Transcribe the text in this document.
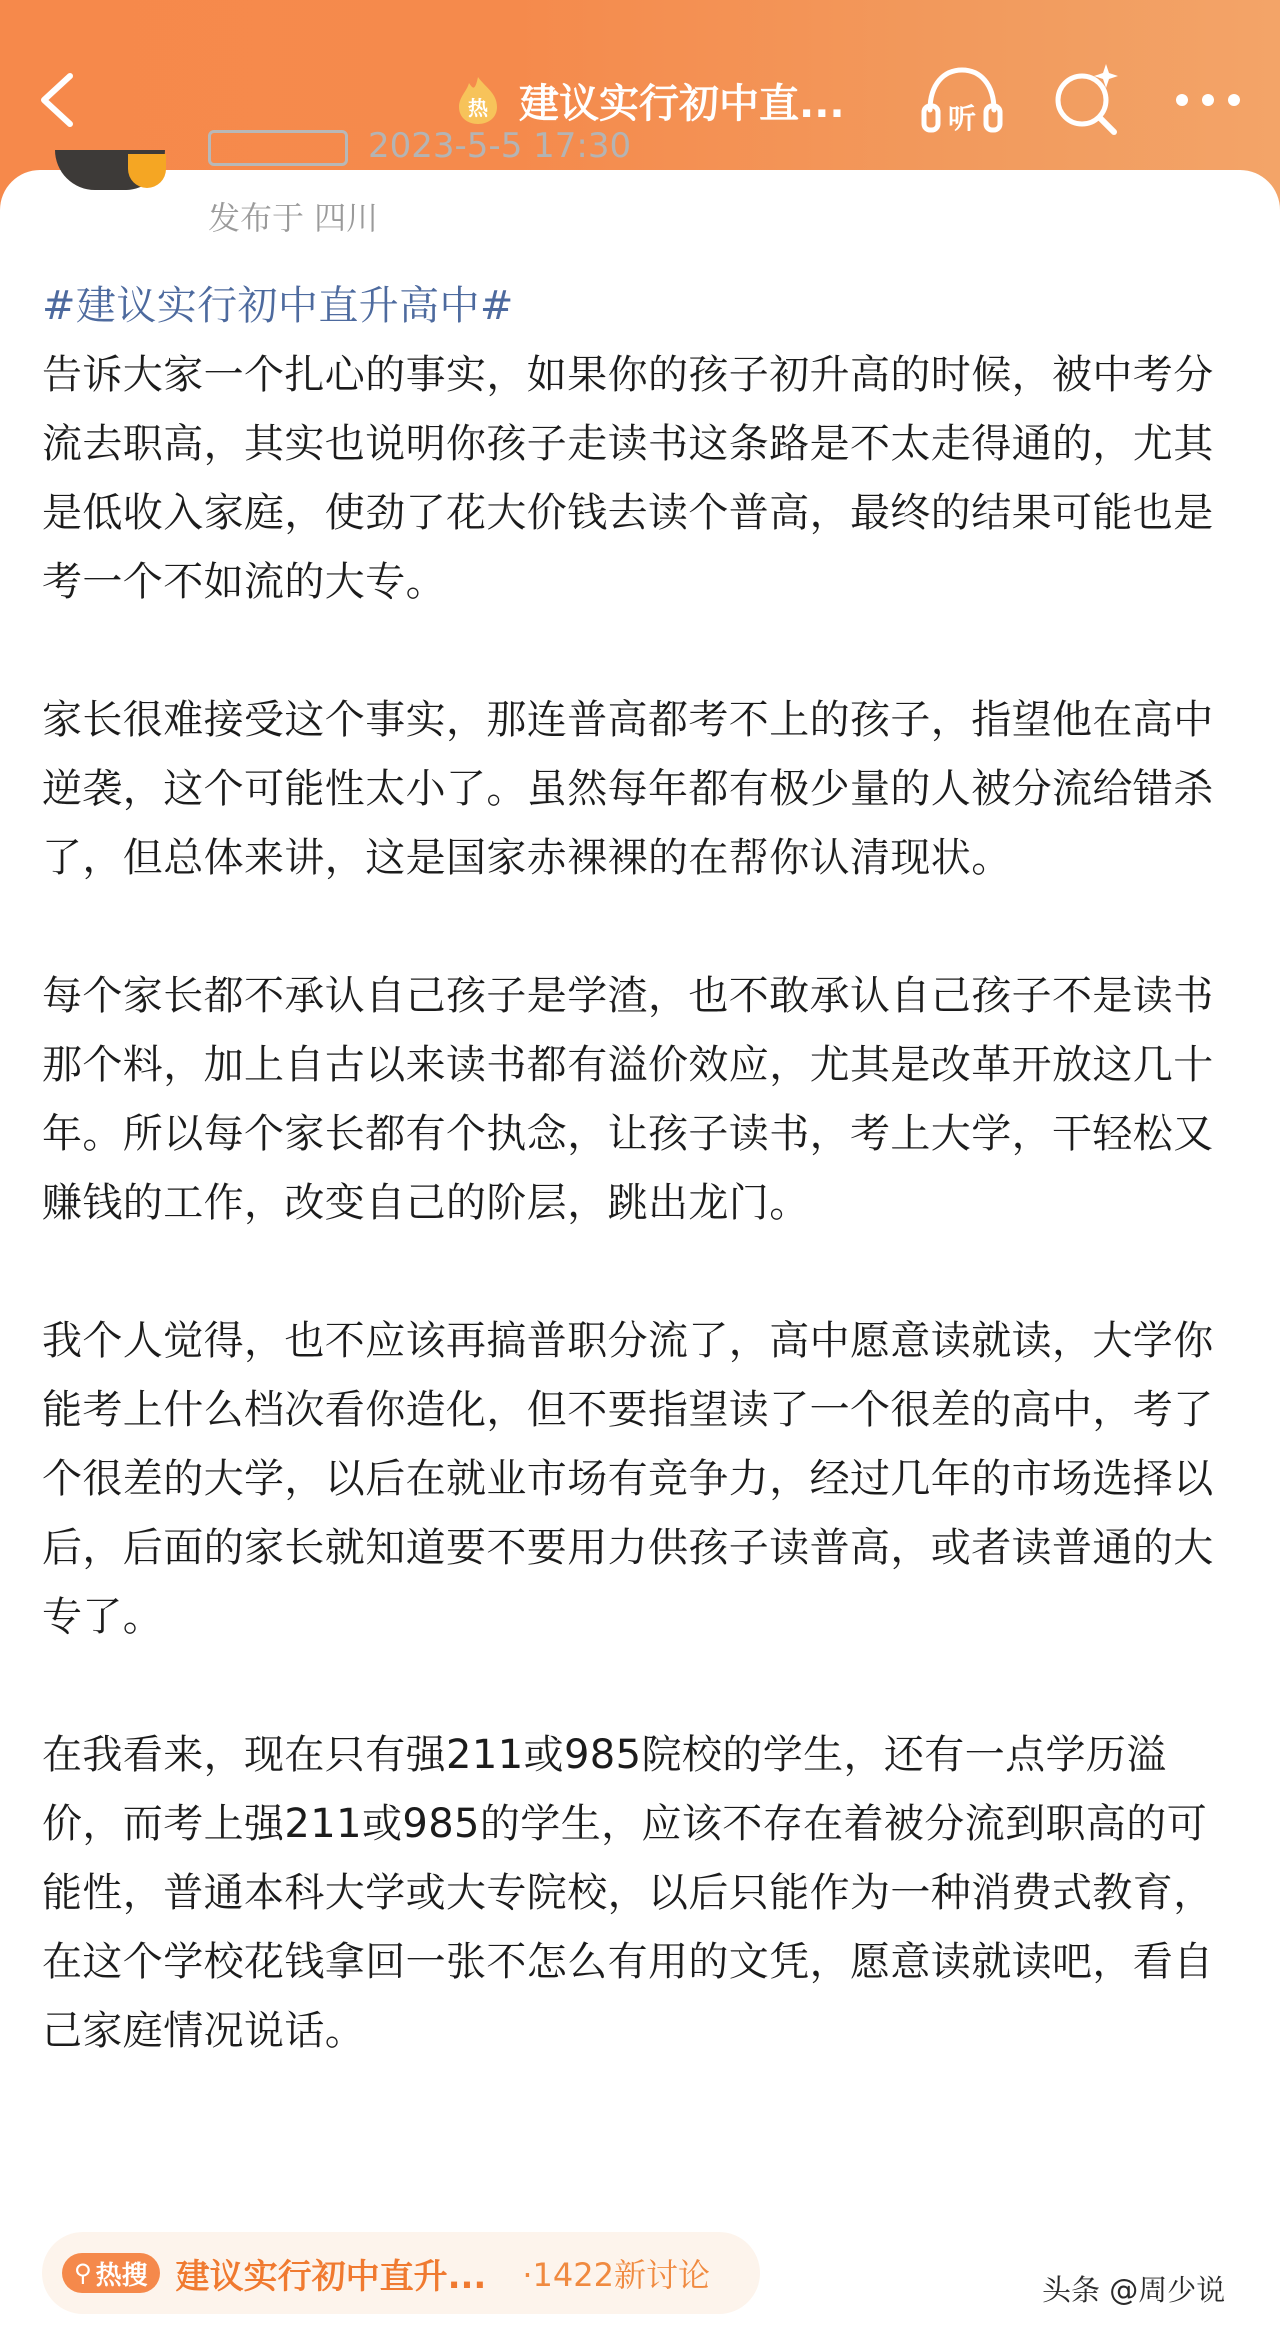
热 建议实行初中直...	听
2023-5-5 17:30
发布于 四川
#建议实行初中直升高中#

告诉大家一个扎心的事实，如果你的孩子初升高的时候，被中考分流去职高，其实也说明你孩子走读书这条路是不太走得通的，尤其是低收入家庭，使劲了花大价钱去读个普高，最终的结果可能也是考一个不如流的大专。

家长很难接受这个事实，那连普高都考不上的孩子，指望他在高中逆袭，这个可能性太小了。虽然每年都有极少量的人被分流给错杀了，但总体来讲，这是国家赤裸裸的在帮你认清现状。

每个家长都不承认自己孩子是学渣，也不敢承认自己孩子不是读书那个料，加上自古以来读书都有溢价效应，尤其是改革开放这几十年。所以每个家长都有个执念，让孩子读书，考上大学，干轻松又赚钱的工作，改变自己的阶层，跳出龙门。

我个人觉得，也不应该再搞普职分流了，高中愿意读就读，大学你能考上什么档次看你造化，但不要指望读了一个很差的高中，考了个很差的大学，以后在就业市场有竞争力，经过几年的市场选择以后，后面的家长就知道要不要用力供孩子读普高，或者读普通的大专了。

在我看来，现在只有强211或985院校的学生，还有一点学历溢价，而考上强211或985的学生，应该不存在着被分流到职高的可能性，普通本科大学或大专院校，以后只能作为一种消费式教育，在这个学校花钱拿回一张不怎么有用的文凭，愿意读就读吧，看自己家庭情况说话。

⚲ 热搜 建议实行初中直升... ·1422新讨论	头条 @周少说
